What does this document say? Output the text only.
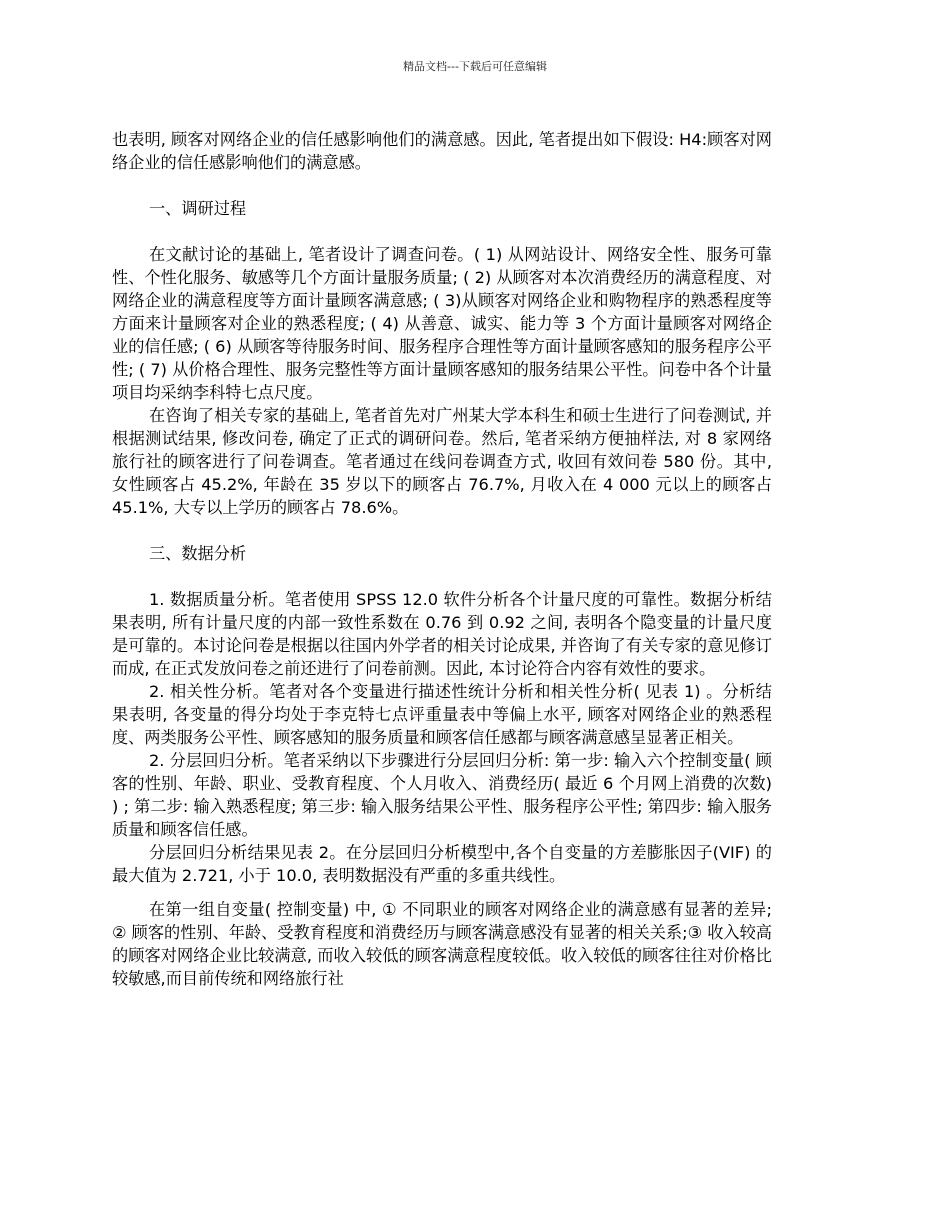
精品文档---下载后可任意编辑

也表明, 顾客对网络企业的信任感影响他们的满意感。因此, 笔者提出如下假设: H4:顾客对网络企业的信任感影响他们的满意感。

一、调研过程

在文献讨论的基础上, 笔者设计了调查问卷。( 1) 从网站设计、网络安全性、服务可靠性、个性化服务、敏感等几个方面计量服务质量; ( 2) 从顾客对本次消费经历的满意程度、对网络企业的满意程度等方面计量顾客满意感; ( 3)从顾客对网络企业和购物程序的熟悉程度等方面来计量顾客对企业的熟悉程度; ( 4) 从善意、诚实、能力等 3 个方面计量顾客对网络企业的信任感; ( 6) 从顾客等待服务时间、服务程序合理性等方面计量顾客感知的服务程序公平性; ( 7) 从价格合理性、服务完整性等方面计量顾客感知的服务结果公平性。问卷中各个计量项目均采纳李科特七点尺度。

在咨询了相关专家的基础上, 笔者首先对广州某大学本科生和硕士生进行了问卷测试, 并根据测试结果, 修改问卷, 确定了正式的调研问卷。然后, 笔者采纳方便抽样法, 对 8 家网络旅行社的顾客进行了问卷调查。笔者通过在线问卷调查方式, 收回有效问卷 580 份。其中, 女性顾客占 45.2%, 年龄在 35 岁以下的顾客占 76.7%, 月收入在 4 000 元以上的顾客占 45.1%, 大专以上学历的顾客占 78.6%。

三、数据分析

1. 数据质量分析。笔者使用 SPSS 12.0 软件分析各个计量尺度的可靠性。数据分析结果表明, 所有计量尺度的内部一致性系数在 0.76 到 0.92 之间, 表明各个隐变量的计量尺度是可靠的。本讨论问卷是根据以往国内外学者的相关讨论成果, 并咨询了有关专家的意见修订而成, 在正式发放问卷之前还进行了问卷前测。因此, 本讨论符合内容有效性的要求。

2. 相关性分析。笔者对各个变量进行描述性统计分析和相关性分析( 见表 1) 。分析结果表明, 各变量的得分均处于李克特七点评重量表中等偏上水平, 顾客对网络企业的熟悉程度、两类服务公平性、顾客感知的服务质量和顾客信任感都与顾客满意感呈显著正相关。

2. 分层回归分析。笔者采纳以下步骤进行分层回归分析: 第一步: 输入六个控制变量( 顾客的性别、年龄、职业、受教育程度、个人月收入、消费经历( 最近 6 个月网上消费的次数) ) ; 第二步: 输入熟悉程度; 第三步: 输入服务结果公平性、服务程序公平性; 第四步: 输入服务质量和顾客信任感。

分层回归分析结果见表 2。在分层回归分析模型中,各个自变量的方差膨胀因子(VIF) 的最大值为 2.721, 小于 10.0, 表明数据没有严重的多重共线性。

在第一组自变量( 控制变量) 中, ① 不同职业的顾客对网络企业的满意感有显著的差异; ② 顾客的性别、年龄、受教育程度和消费经历与顾客满意感没有显著的相关关系;③ 收入较高的顾客对网络企业比较满意, 而收入较低的顾客满意程度较低。收入较低的顾客往往对价格比较敏感,而目前传统和网络旅行社
